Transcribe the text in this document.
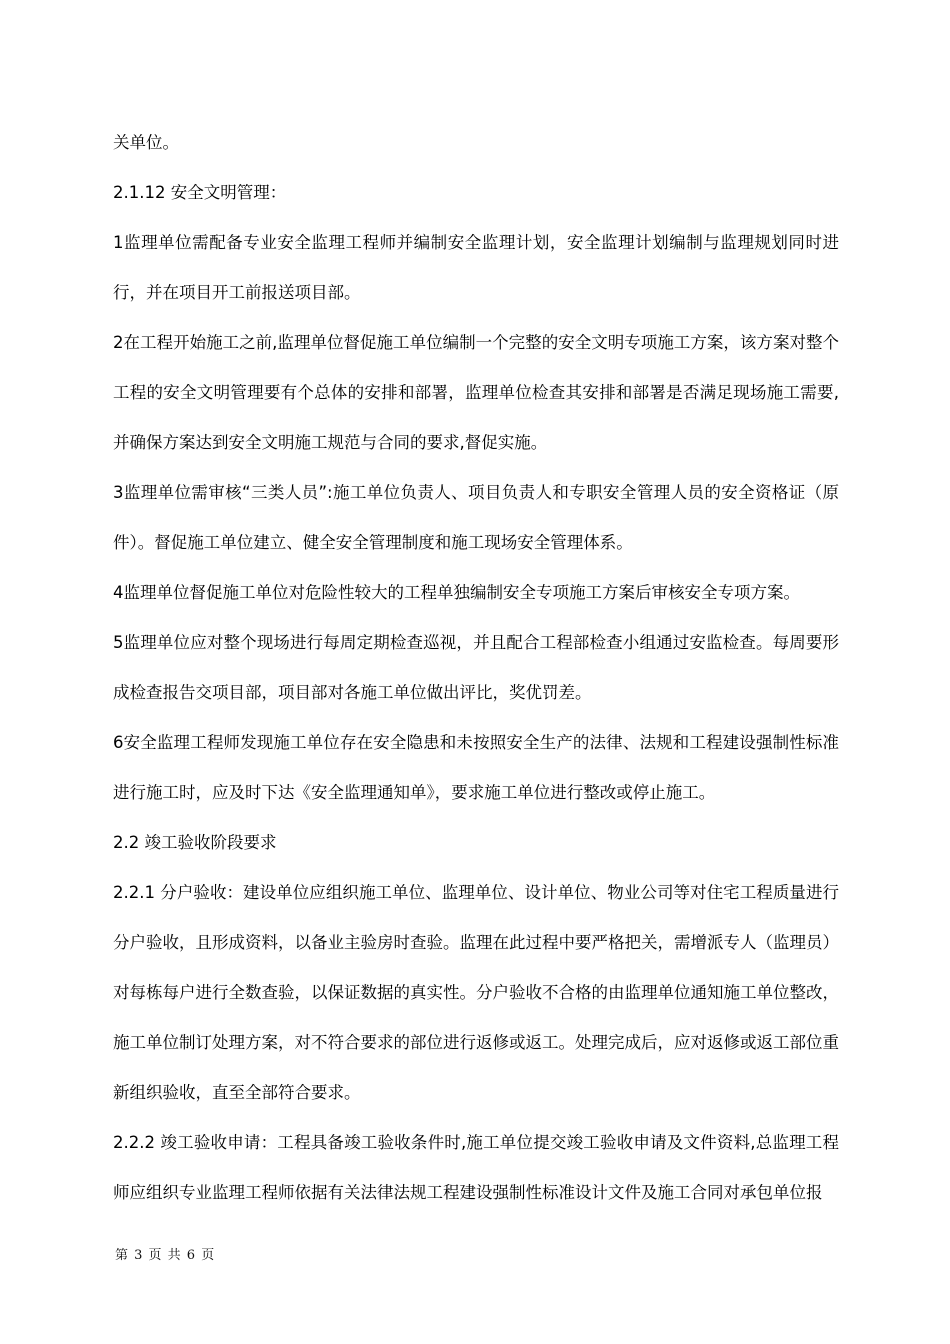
关单位。

2.1.12 安全文明管理：

1监理单位需配备专业安全监理工程师并编制安全监理计划，安全监理计划编制与监理规划同时进行，并在项目开工前报送项目部。

2在工程开始施工之前,监理单位督促施工单位编制一个完整的安全文明专项施工方案，该方案对整个工程的安全文明管理要有个总体的安排和部署，监理单位检查其安排和部署是否满足现场施工需要,并确保方案达到安全文明施工规范与合同的要求,督促实施。

3监理单位需审核“三类人员”:施工单位负责人、项目负责人和专职安全管理人员的安全资格证（原件）。督促施工单位建立、健全安全管理制度和施工现场安全管理体系。

4监理单位督促施工单位对危险性较大的工程单独编制安全专项施工方案后审核安全专项方案。

5监理单位应对整个现场进行每周定期检查巡视，并且配合工程部检查小组通过安监检查。每周要形成检查报告交项目部，项目部对各施工单位做出评比，奖优罚差。

6安全监理工程师发现施工单位存在安全隐患和未按照安全生产的法律、法规和工程建设强制性标准进行施工时，应及时下达《安全监理通知单》，要求施工单位进行整改或停止施工。

2.2 竣工验收阶段要求

2.2.1 分户验收：建设单位应组织施工单位、监理单位、设计单位、物业公司等对住宅工程质量进行分户验收，且形成资料，以备业主验房时查验。监理在此过程中要严格把关，需增派专人（监理员）对每栋每户进行全数查验，以保证数据的真实性。分户验收不合格的由监理单位通知施工单位整改，施工单位制订处理方案，对不符合要求的部位进行返修或返工。处理完成后，应对返修或返工部位重新组织验收，直至全部符合要求。

2.2.2 竣工验收申请：工程具备竣工验收条件时,施工单位提交竣工验收申请及文件资料,总监理工程师应组织专业监理工程师依据有关法律法规工程建设强制性标准设计文件及施工合同对承包单位报

第 3 页 共 6 页
